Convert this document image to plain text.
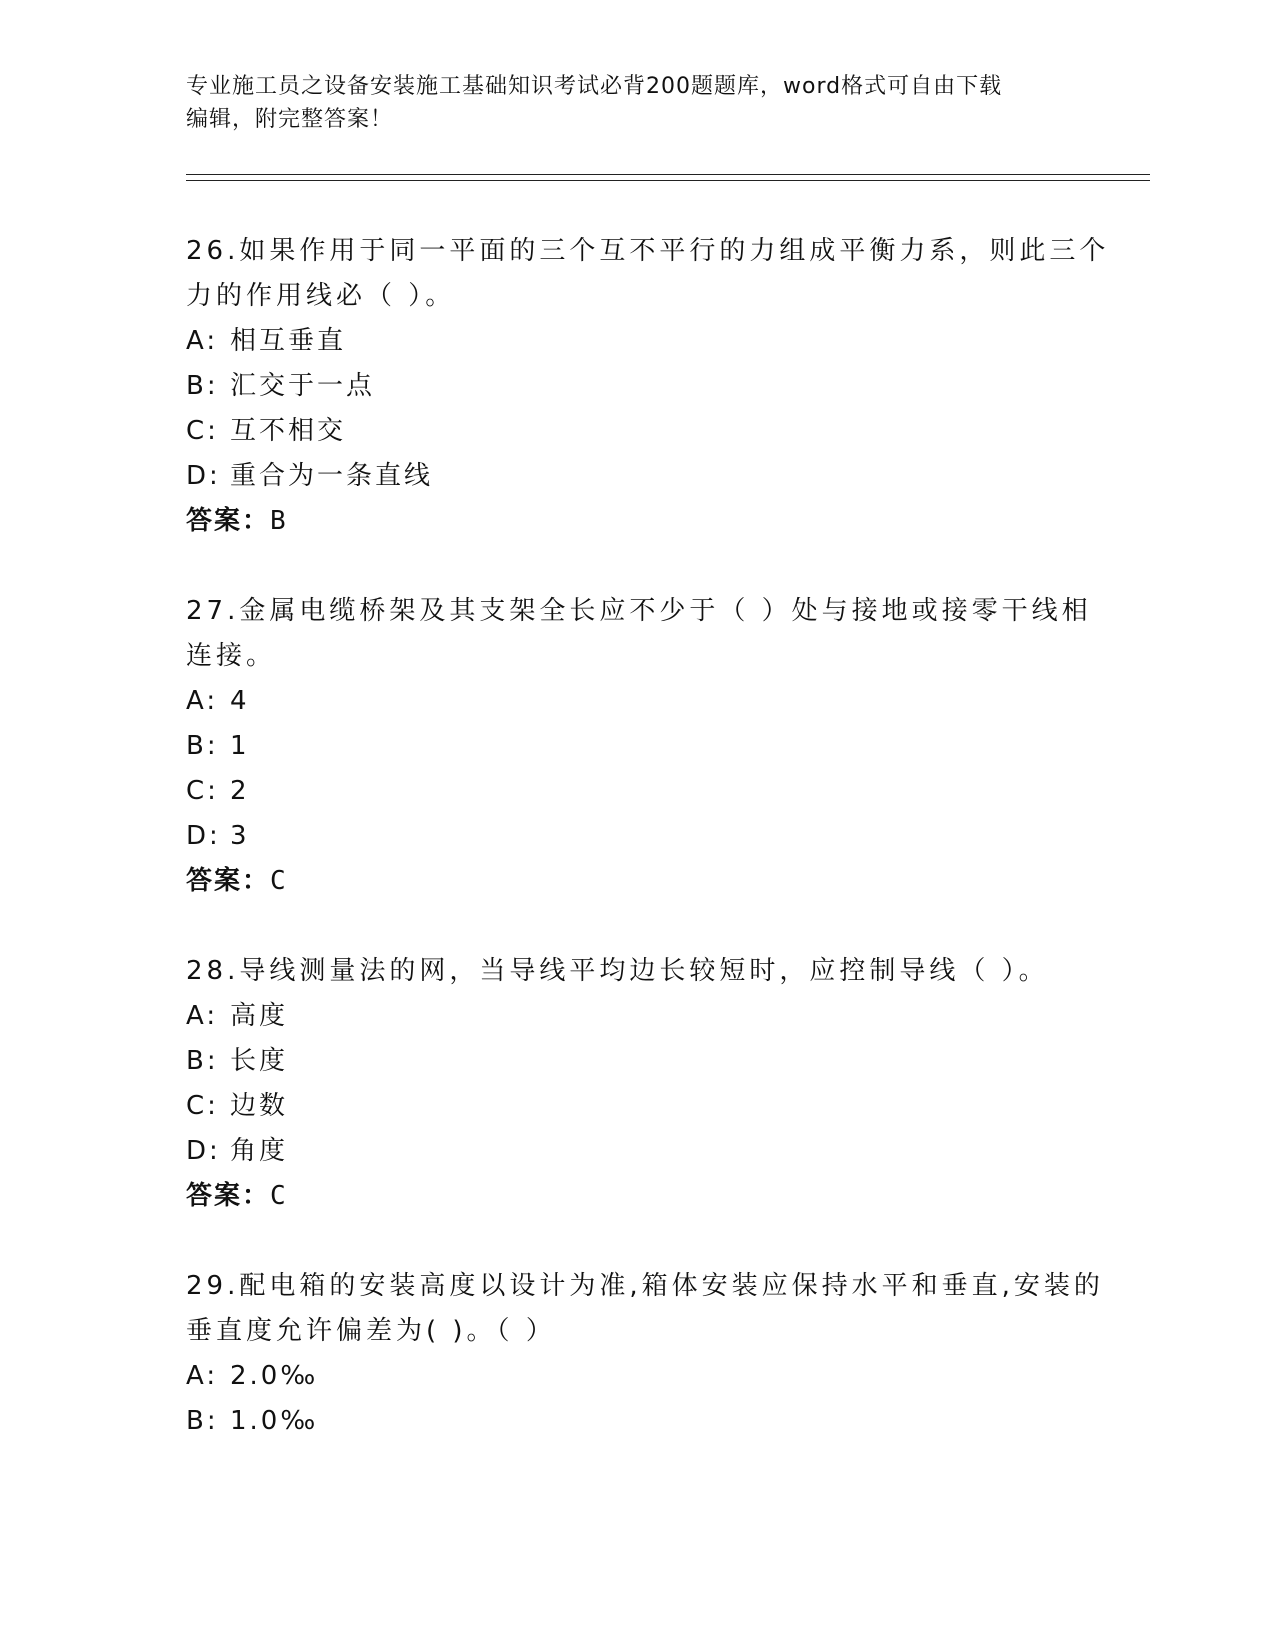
专业施工员之设备安装施工基础知识考试必背200题题库，word格式可自由下载
编辑，附完整答案！
26.如果作用于同一平面的三个互不平行的力组成平衡力系，则此三个
力的作用线必（ ）。
A: 相互垂直
B: 汇交于一点
C: 互不相交
D: 重合为一条直线
答案：B
27.金属电缆桥架及其支架全长应不少于（ ）处与接地或接零干线相
连接。
A: 4
B: 1
C: 2
D: 3
答案：C
28.导线测量法的网，当导线平均边长较短时，应控制导线（ ）。
A: 高度
B: 长度
C: 边数
D: 角度
答案：C
29.配电箱的安装高度以设计为准,箱体安装应保持水平和垂直,安装的
垂直度允许偏差为( )。（ ）
A: 2.0‰
B: 1.0‰
